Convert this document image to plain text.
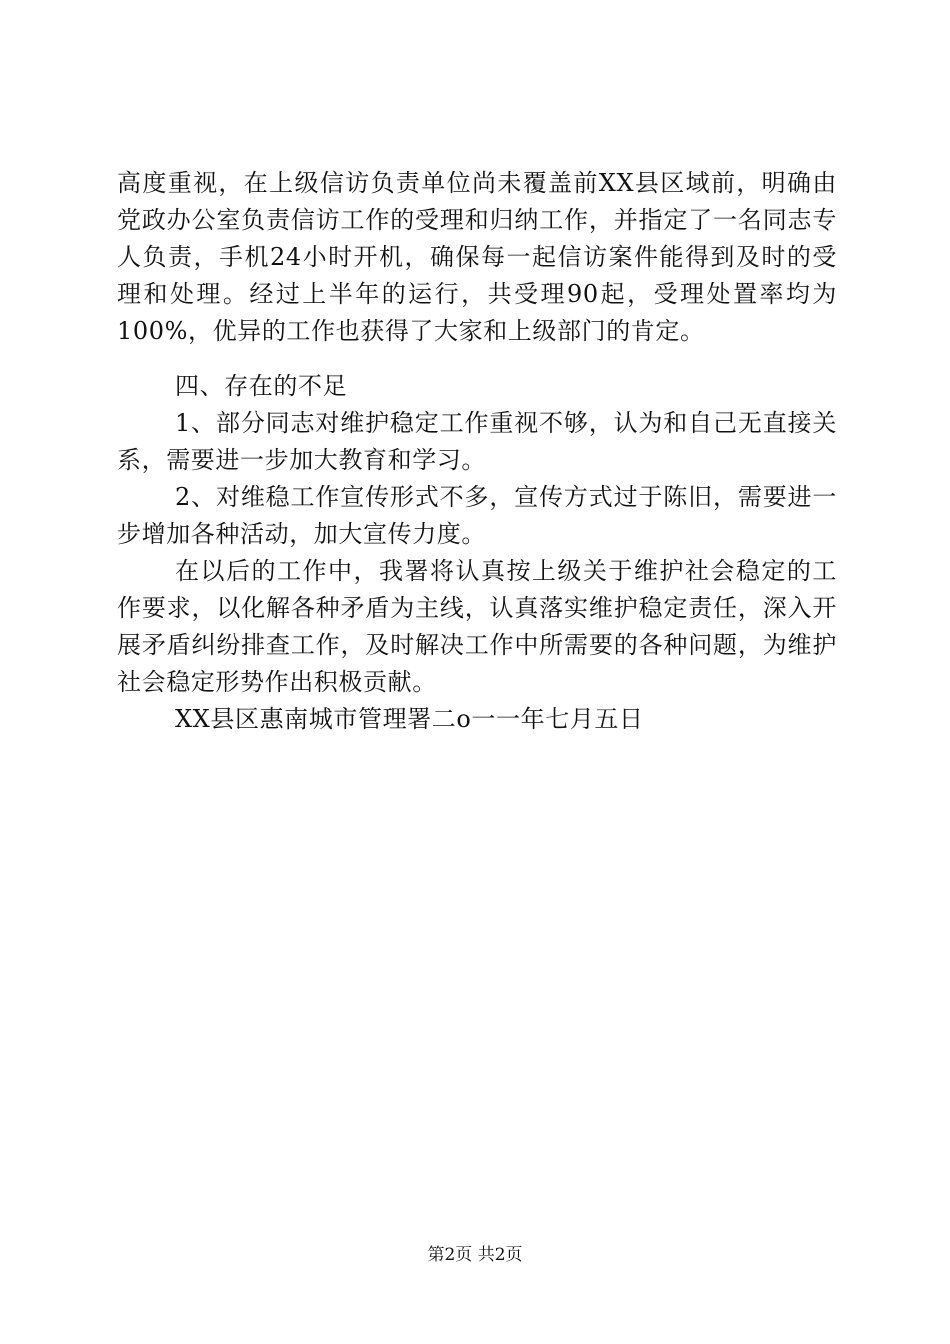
高度重视，在上级信访负责单位尚未覆盖前XX县区域前，明确由党政办公室负责信访工作的受理和归纳工作，并指定了一名同志专人负责，手机24小时开机，确保每一起信访案件能得到及时的受理和处理。经过上半年的运行，共受理90起，受理处置率均为100%，优异的工作也获得了大家和上级部门的肯定。

四、存在的不足

1、部分同志对维护稳定工作重视不够，认为和自己无直接关系，需要进一步加大教育和学习。

2、对维稳工作宣传形式不多，宣传方式过于陈旧，需要进一步增加各种活动，加大宣传力度。

在以后的工作中，我署将认真按上级关于维护社会稳定的工作要求，以化解各种矛盾为主线，认真落实维护稳定责任，深入开展矛盾纠纷排查工作，及时解决工作中所需要的各种问题，为维护社会稳定形势作出积极贡献。

XX县区惠南城市管理署二o一一年七月五日

第2页 共2页
